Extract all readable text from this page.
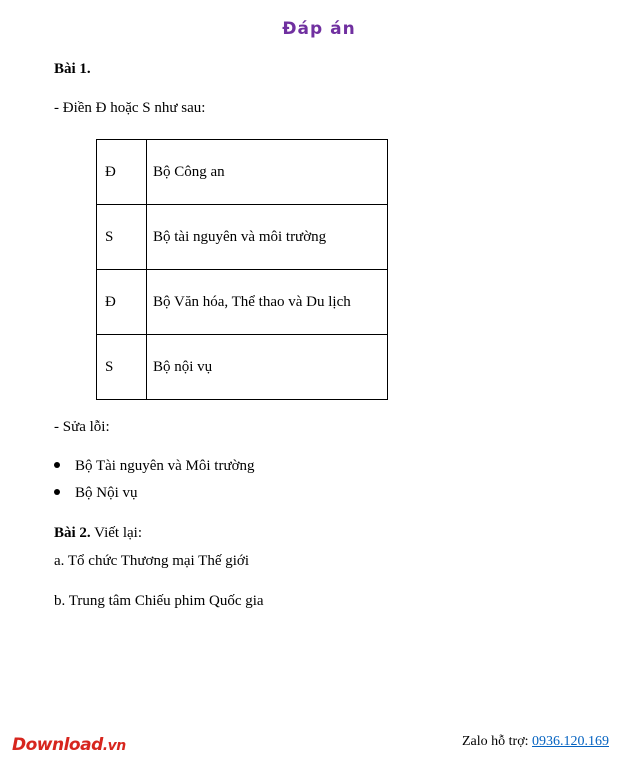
Đáp án
Bài 1.
- Điền Đ hoặc S như sau:
Đ	Bộ Công an
S	Bộ tài nguyên và môi trường
Đ	Bộ Văn hóa, Thể thao và Du lịch
S	Bộ nội vụ
- Sửa lỗi:
Bộ Tài nguyên và Môi trường
Bộ Nội vụ
Bài 2. Viết lại:
a. Tổ chức Thương mại Thế giới
b. Trung tâm Chiếu phim Quốc gia
Download.vn	Zalo hỗ trợ: 0936.120.169
